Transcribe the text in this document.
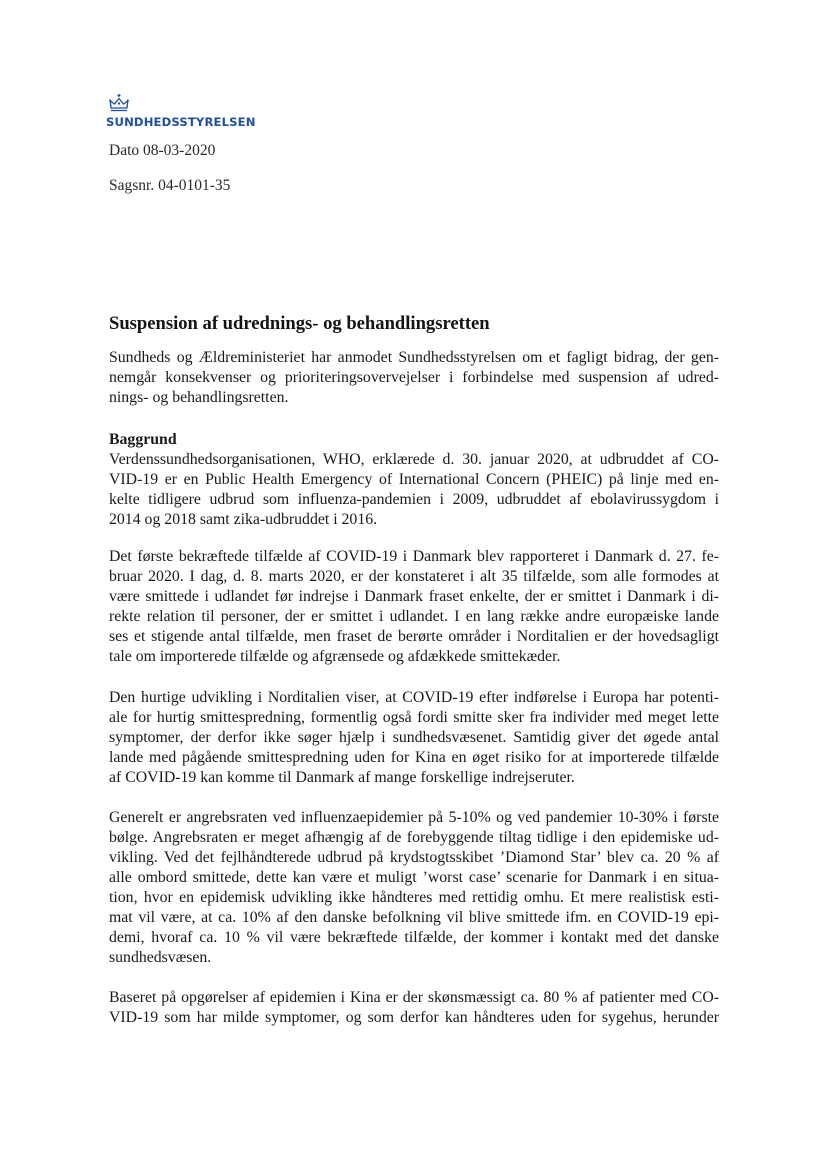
SUNDHEDSSTYRELSEN
Dato 08-03-2020
Sagsnr. 04-0101-35
Suspension af udrednings- og behandlingsretten
Sundheds og Ældreministeriet har anmodet Sundhedsstyrelsen om et fagligt bidrag, der gen-
nemgår konsekvenser og prioriteringsovervejelser i forbindelse med suspension af udred-
nings- og behandlingsretten.
Baggrund
Verdenssundhedsorganisationen, WHO, erklærede d. 30. januar 2020, at udbruddet af CO-
VID-19 er en Public Health Emergency of International Concern (PHEIC) på linje med en-
kelte tidligere udbrud som influenza-pandemien i 2009, udbruddet af ebolavirussygdom i
2014 og 2018 samt zika-udbruddet i 2016.
Det første bekræftede tilfælde af COVID-19 i Danmark blev rapporteret i Danmark d. 27. fe-
bruar 2020. I dag, d. 8. marts 2020, er der konstateret i alt 35 tilfælde, som alle formodes at
være smittede i udlandet før indrejse i Danmark fraset enkelte, der er smittet i Danmark i di-
rekte relation til personer, der er smittet i udlandet. I en lang række andre europæiske lande
ses et stigende antal tilfælde, men fraset de berørte områder i Norditalien er der hovedsagligt
tale om importerede tilfælde og afgrænsede og afdækkede smittekæder.
Den hurtige udvikling i Norditalien viser, at COVID-19 efter indførelse i Europa har potenti-
ale for hurtig smittespredning, formentlig også fordi smitte sker fra individer med meget lette
symptomer, der derfor ikke søger hjælp i sundhedsvæsenet. Samtidig giver det øgede antal
lande med pågående smittespredning uden for Kina en øget risiko for at importerede tilfælde
af COVID-19 kan komme til Danmark af mange forskellige indrejseruter.
Generelt er angrebsraten ved influenzaepidemier på 5-10% og ved pandemier 10-30% i første
bølge. Angrebsraten er meget afhængig af de forebyggende tiltag tidlige i den epidemiske ud-
vikling. Ved det fejlhåndterede udbrud på krydstogtsskibet ’Diamond Star’ blev ca. 20 % af
alle ombord smittede, dette kan være et muligt ’worst case’ scenarie for Danmark i en situa-
tion, hvor en epidemisk udvikling ikke håndteres med rettidig omhu. Et mere realistisk esti-
mat vil være, at ca. 10% af den danske befolkning vil blive smittede ifm. en COVID-19 epi-
demi, hvoraf ca. 10 % vil være bekræftede tilfælde, der kommer i kontakt med det danske
sundhedsvæsen.
Baseret på opgørelser af epidemien i Kina er der skønsmæssigt ca. 80 % af patienter med CO-
VID-19 som har milde symptomer, og som derfor kan håndteres uden for sygehus, herunder
